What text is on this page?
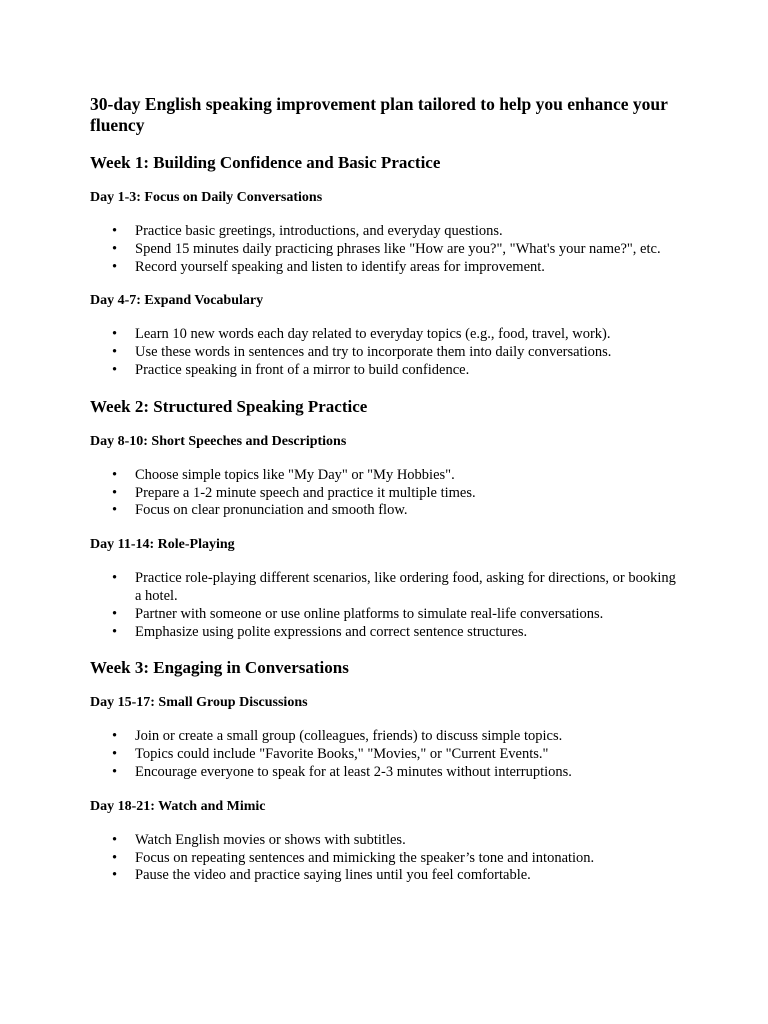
30-day English speaking improvement plan tailored to help you enhance your fluency
Week 1: Building Confidence and Basic Practice
Day 1-3: Focus on Daily Conversations
• Practice basic greetings, introductions, and everyday questions.
• Spend 15 minutes daily practicing phrases like "How are you?", "What's your name?", etc.
• Record yourself speaking and listen to identify areas for improvement.
Day 4-7: Expand Vocabulary
• Learn 10 new words each day related to everyday topics (e.g., food, travel, work).
• Use these words in sentences and try to incorporate them into daily conversations.
• Practice speaking in front of a mirror to build confidence.
Week 2: Structured Speaking Practice
Day 8-10: Short Speeches and Descriptions
• Choose simple topics like "My Day" or "My Hobbies".
• Prepare a 1-2 minute speech and practice it multiple times.
• Focus on clear pronunciation and smooth flow.
Day 11-14: Role-Playing
• Practice role-playing different scenarios, like ordering food, asking for directions, or booking a hotel.
• Partner with someone or use online platforms to simulate real-life conversations.
• Emphasize using polite expressions and correct sentence structures.
Week 3: Engaging in Conversations
Day 15-17: Small Group Discussions
• Join or create a small group (colleagues, friends) to discuss simple topics.
• Topics could include "Favorite Books," "Movies," or "Current Events."
• Encourage everyone to speak for at least 2-3 minutes without interruptions.
Day 18-21: Watch and Mimic
• Watch English movies or shows with subtitles.
• Focus on repeating sentences and mimicking the speaker’s tone and intonation.
• Pause the video and practice saying lines until you feel comfortable.
